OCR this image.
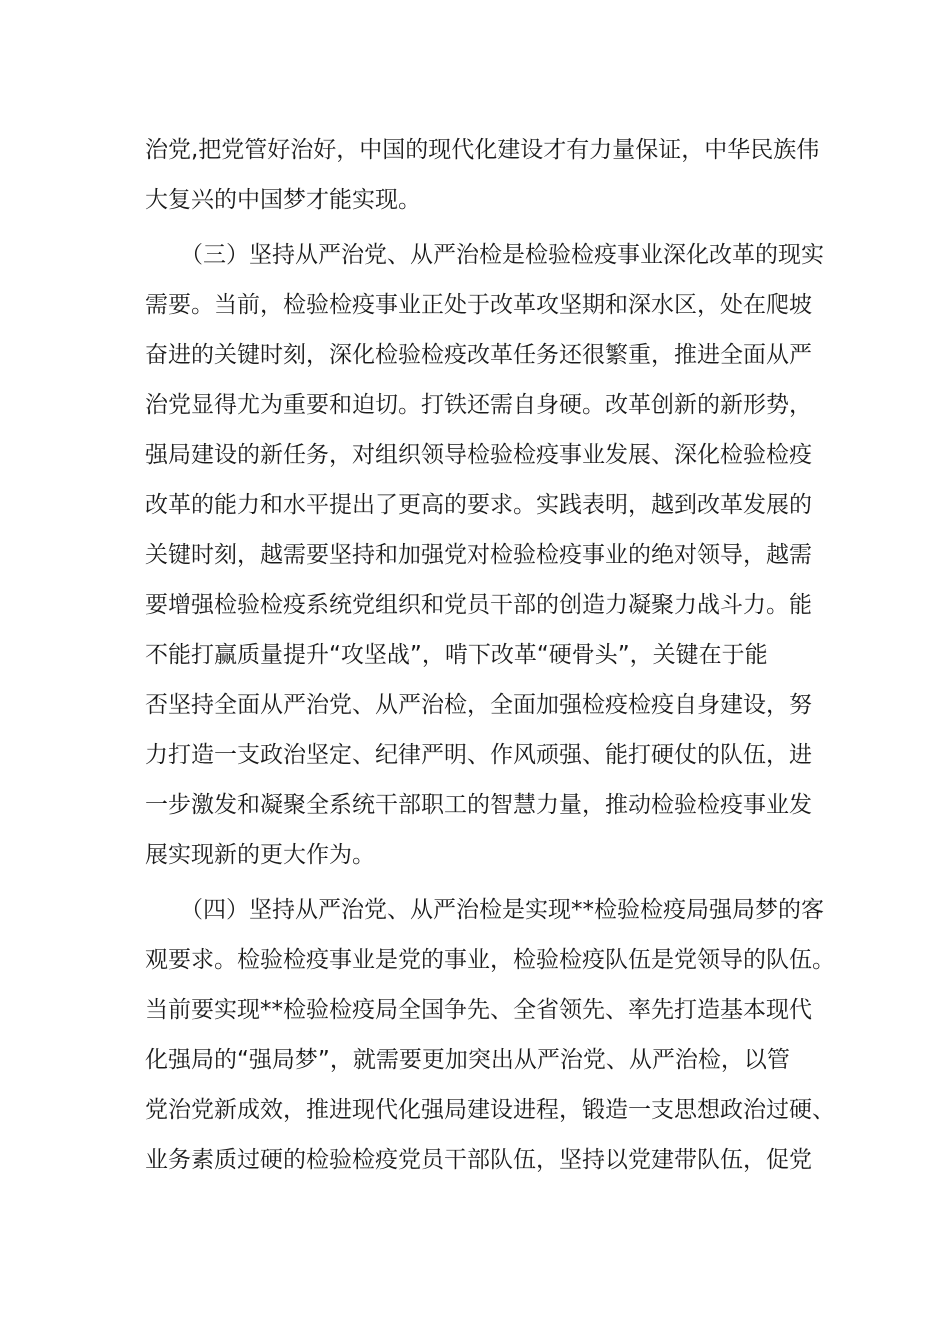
治党,把党管好治好，中国的现代化建设才有力量保证，中华民族伟
大复兴的中国梦才能实现。
（三）坚持从严治党、从严治检是检验检疫事业深化改革的现实
需要。当前，检验检疫事业正处于改革攻坚期和深水区，处在爬坡
奋进的关键时刻，深化检验检疫改革任务还很繁重，推进全面从严
治党显得尤为重要和迫切。打铁还需自身硬。改革创新的新形势，
强局建设的新任务，对组织领导检验检疫事业发展、深化检验检疫
改革的能力和水平提出了更高的要求。实践表明，越到改革发展的
关键时刻，越需要坚持和加强党对检验检疫事业的绝对领导，越需
要增强检验检疫系统党组织和党员干部的创造力凝聚力战斗力。能
不能打赢质量提升“攻坚战”，啃下改革“硬骨头”，关键在于能
否坚持全面从严治党、从严治检，全面加强检疫检疫自身建设，努
力打造一支政治坚定、纪律严明、作风顽强、能打硬仗的队伍，进
一步激发和凝聚全系统干部职工的智慧力量，推动检验检疫事业发
展实现新的更大作为。
（四）坚持从严治党、从严治检是实现**检验检疫局强局梦的客
观要求。检验检疫事业是党的事业，检验检疫队伍是党领导的队伍。
当前要实现**检验检疫局全国争先、全省领先、率先打造基本现代
化强局的“强局梦”，就需要更加突出从严治党、从严治检，以管
党治党新成效，推进现代化强局建设进程，锻造一支思想政治过硬、
业务素质过硬的检验检疫党员干部队伍，坚持以党建带队伍，促党
